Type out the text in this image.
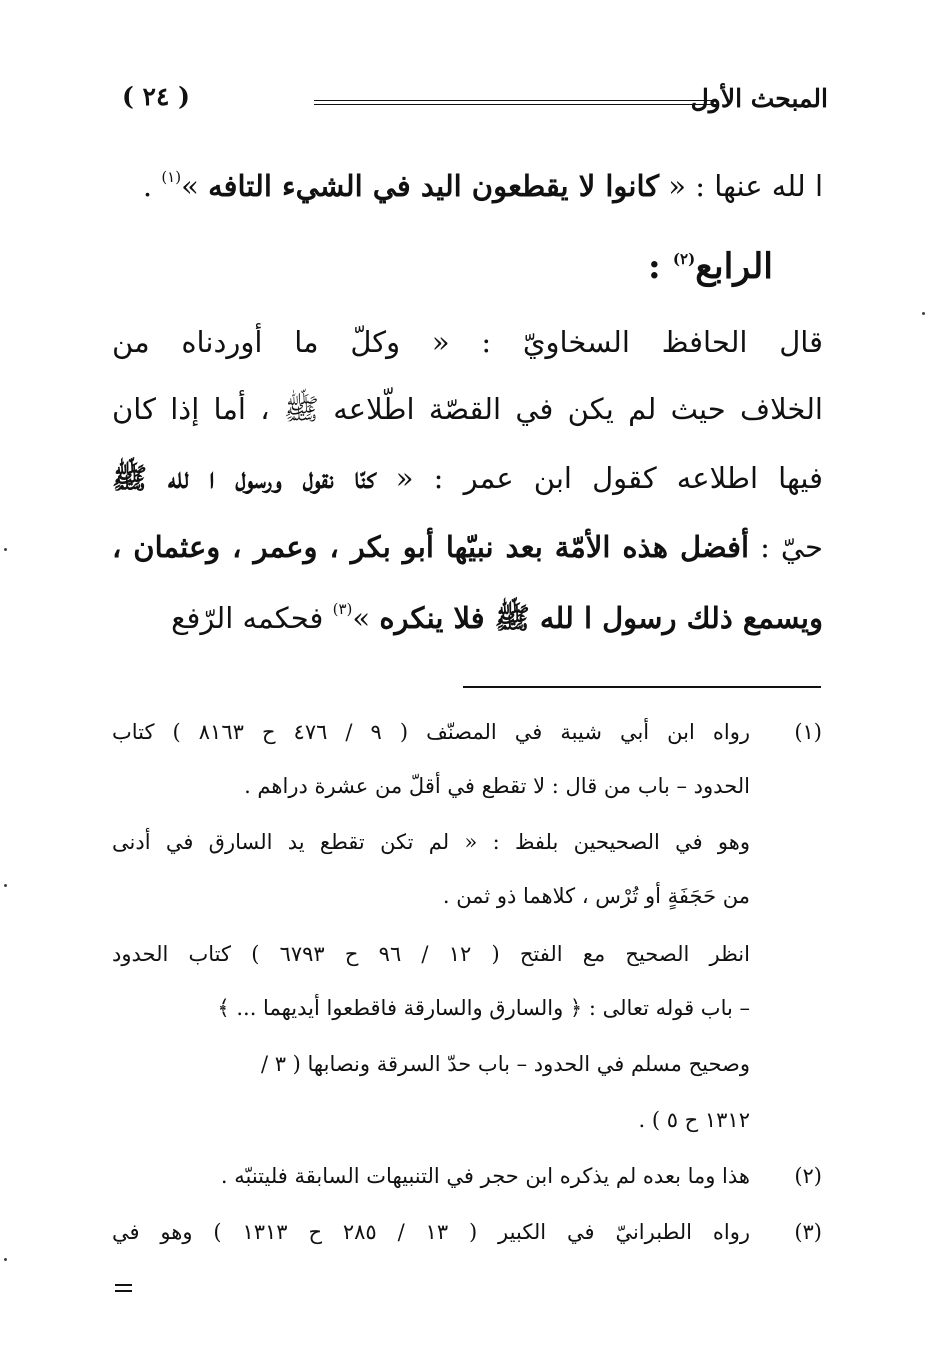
المبحث الأول
( ٢٤ )
ا لله عنها : « كانوا لا يقطعون اليد في الشيء التافه »$^{(١)}$ .
الرابع$^{(٢)}$ :
قال الحافظ السخاويّ : « وكلّ ما أوردناه من
الخلاف حيث لم يكن في القصّة اطّلاعه ﷺ ، أما إذا كان
فيها اطلاعه كقول ابن عمر : « كنّا نقول ورسول ا لله ﷺ
حيّ : أفضل هذه الأمّة بعد نبيّها أبو بكر ، وعمر ، وعثمان ،
ويسمع ذلك رسول ا لله ﷺ فلا ينكره »$^{(٣)}$ فحكمه الرّفع
(١)
رواه ابن أبي شيبة في المصنّف ( ٩ / ٤٧٦ ح ٨١٦٣ ) كتاب
الحدود – باب من قال : لا تقطع في أقلّ من عشرة دراهم .
وهو في الصحيحين بلفظ : « لم تكن تقطع يد السارق في أدنى
من حَجَفَةٍ أو تُرْس ، كلاهما ذو ثمن .
انظر الصحيح مع الفتح ( ١٢ / ٩٦ ح ٦٧٩٣ ) كتاب الحدود
– باب قوله تعالى : ﴿ والسارق والسارقة فاقطعوا أيديهما ... ﴾
وصحيح مسلم في الحدود – باب حدّ السرقة ونصابها ( ٣ /
١٣١٢ ح ٥ ) .
(٢)
هذا وما بعده لم يذكره ابن حجر في التنبيهات السابقة فليتنبّه .
(٣)
رواه الطبرانيّ في الكبير ( ١٣ / ٢٨٥ ح ١٣١٣ ) وهو في
